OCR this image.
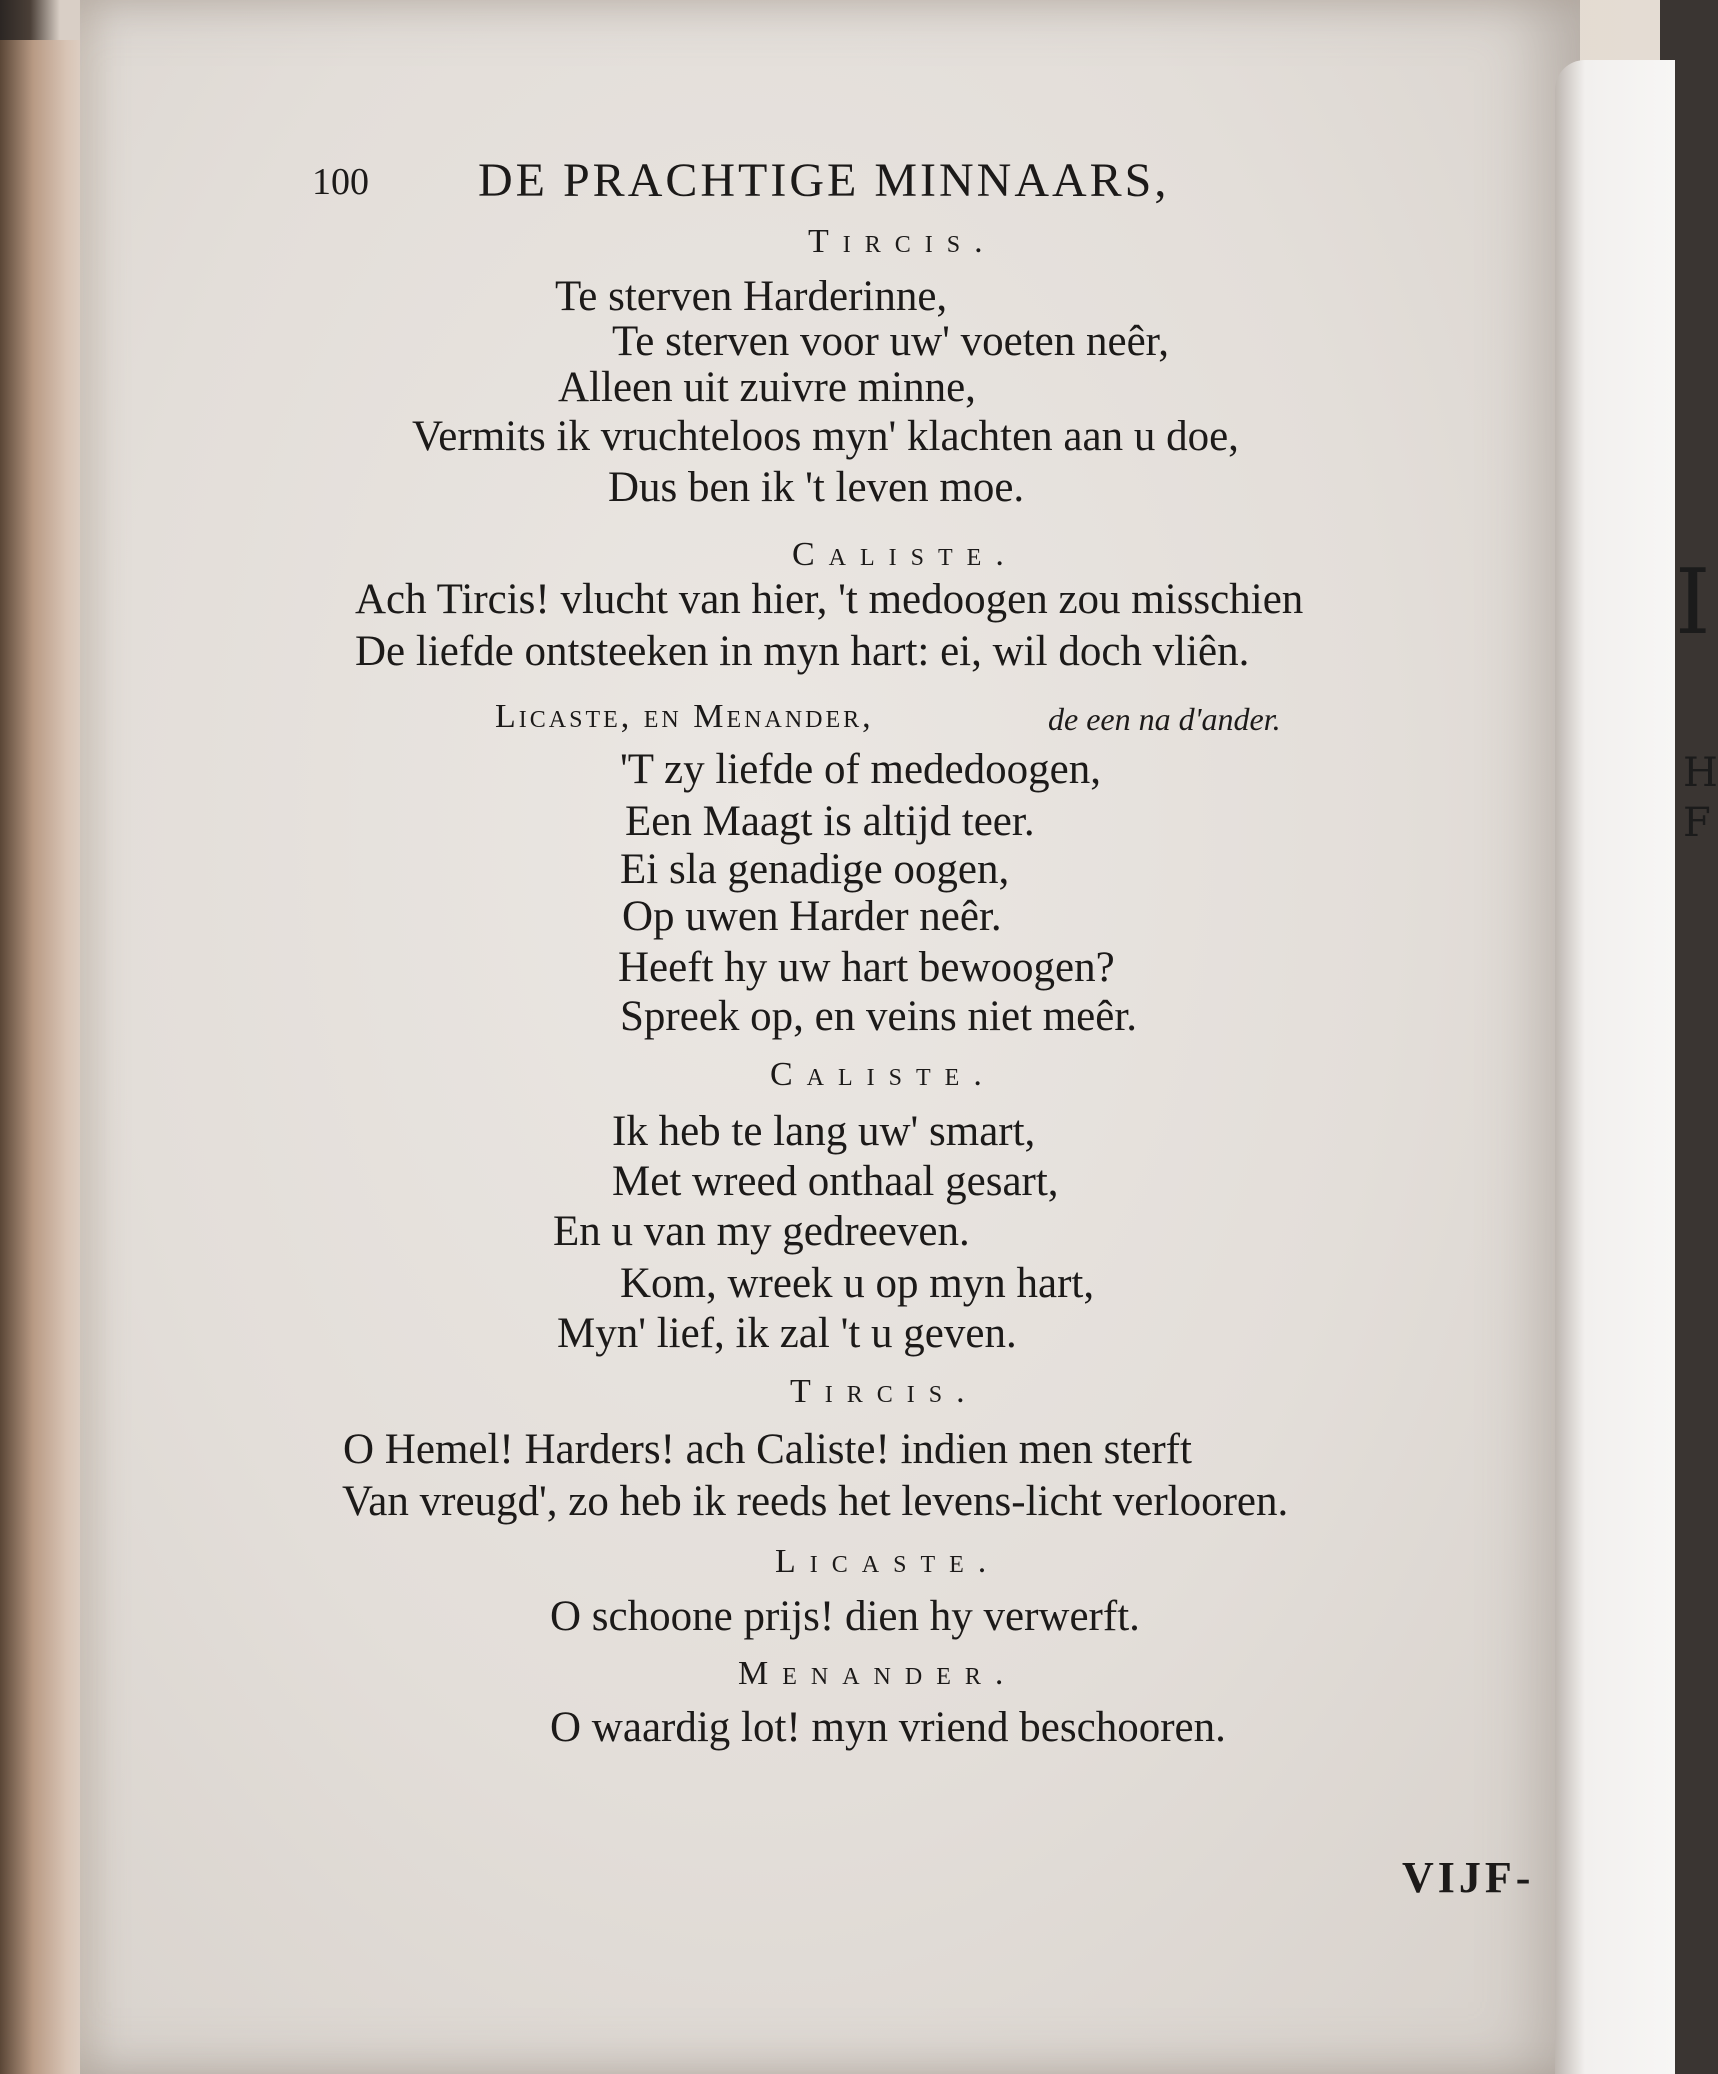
I
H
F
100 DE PRACHTIGE MINNAARS,
Tircis.
Te sterven Harderinne,
Te sterven voor uw' voeten neêr,
Alleen uit zuivre minne,
Vermits ik vruchteloos myn' klachten aan u doe,
Dus ben ik 't leven moe.
Caliste.
Ach Tircis! vlucht van hier, 't medoogen zou misschien
De liefde ontsteeken in myn hart: ei, wil doch vliên.
Licaste, en Menander,	de een na d'ander.
'T zy liefde of mededoogen,
Een Maagt is altijd teer.
Ei sla genadige oogen,
Op uwen Harder neêr.
Heeft hy uw hart bewoogen?
Spreek op, en veins niet meêr.
Caliste.
Ik heb te lang uw' smart,
Met wreed onthaal gesart,
En u van my gedreeven.
Kom, wreek u op myn hart,
Myn' lief, ik zal 't u geven.
Tircis.
O Hemel! Harders! ach Caliste! indien men sterft
Van vreugd', zo heb ik reeds het levens-licht verlooren.
Licaste.
O schoone prijs! dien hy verwerft.
Menander.
O waardig lot! myn vriend beschooren.
VIJF-
